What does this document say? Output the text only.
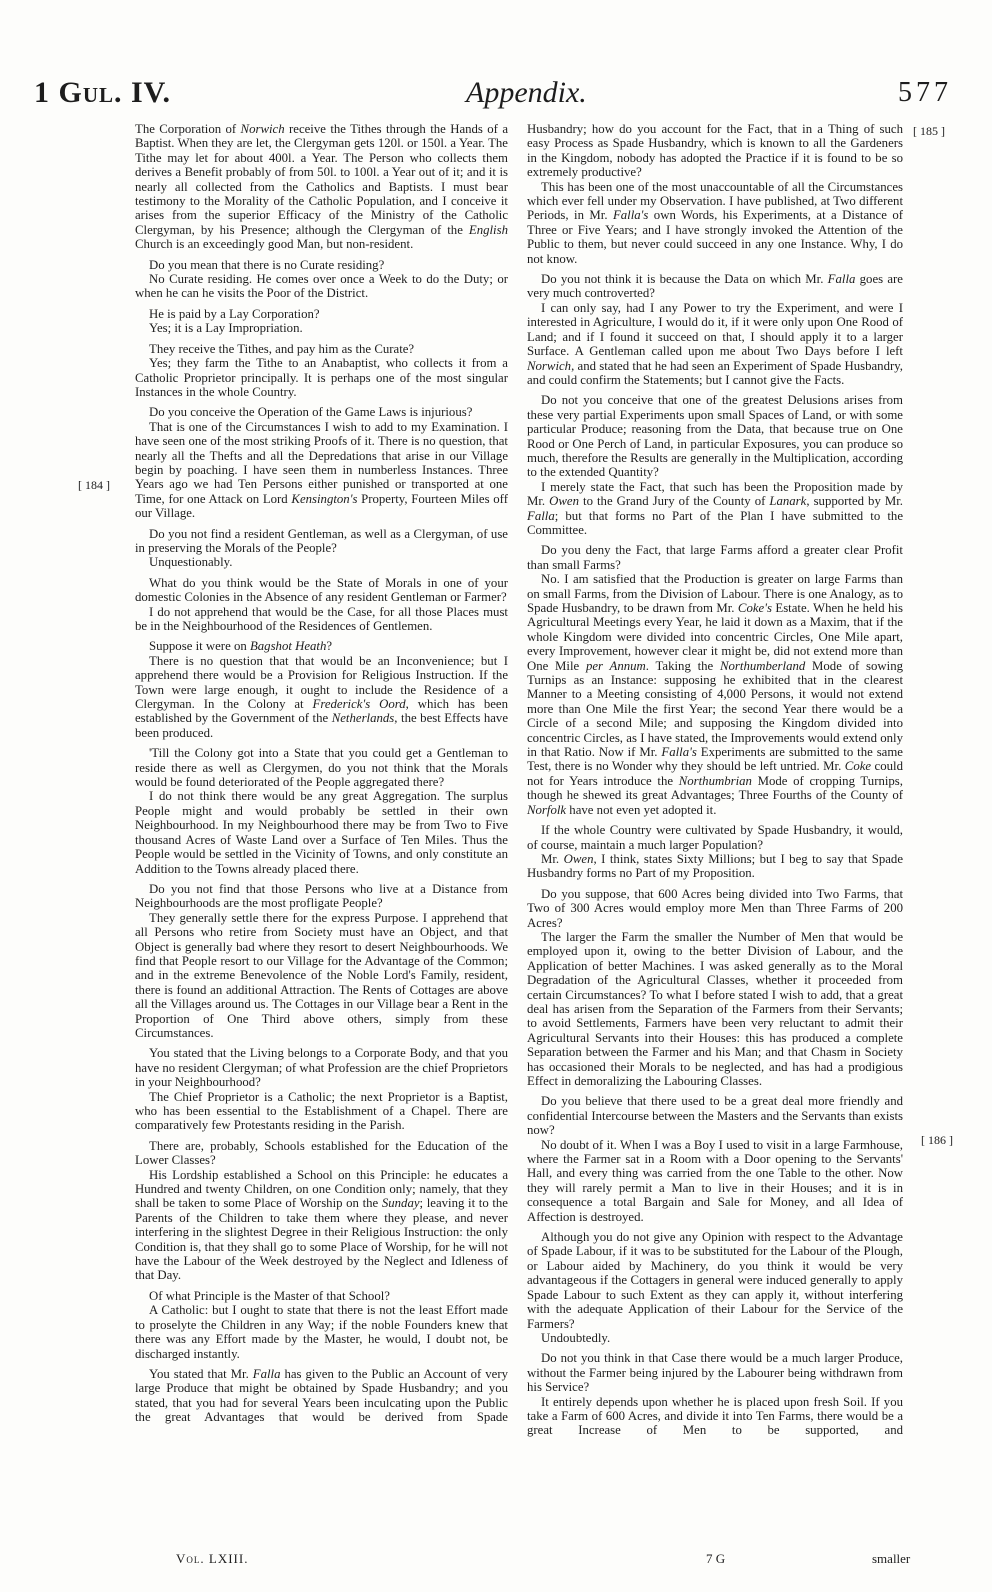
1 Gul. IV.	Appendix.	577
[ 185 ]
[ 184 ]
[ 186 ]

The Corporation of Norwich receive the Tithes through the Hands of a Baptist. When they are let, the Clergyman gets 120l. or 150l. a Year. The Tithe may let for about 400l. a Year. The Person who collects them derives a Benefit probably of from 50l. to 100l. a Year out of it; and it is nearly all collected from the Catholics and Baptists. I must bear testimony to the Morality of the Catholic Population, and I conceive it arises from the superior Efficacy of the Ministry of the Catholic Clergyman, by his Presence; although the Clergyman of the English Church is an exceedingly good Man, but non-resident.

Do you mean that there is no Curate residing?

No Curate residing. He comes over once a Week to do the Duty; or when he can he visits the Poor of the District.

He is paid by a Lay Corporation?

Yes; it is a Lay Impropriation.

They receive the Tithes, and pay him as the Curate?

Yes; they farm the Tithe to an Anabaptist, who collects it from a Catholic Proprietor principally. It is perhaps one of the most singular Instances in the whole Country.

Do you conceive the Operation of the Game Laws is injurious?

That is one of the Circumstances I wish to add to my Examination. I have seen one of the most striking Proofs of it. There is no question, that nearly all the Thefts and all the Depredations that arise in our Village begin by poaching. I have seen them in numberless Instances. Three Years ago we had Ten Persons either punished or transported at one Time, for one Attack on Lord Kensington's Property, Fourteen Miles off our Village.

Do you not find a resident Gentleman, as well as a Clergyman, of use in preserving the Morals of the People?

Unquestionably.

What do you think would be the State of Morals in one of your domestic Colonies in the Absence of any resident Gentleman or Farmer?

I do not apprehend that would be the Case, for all those Places must be in the Neighbourhood of the Residences of Gentlemen.

Suppose it were on Bagshot Heath?

There is no question that that would be an Inconvenience; but I apprehend there would be a Provision for Religious Instruction. If the Town were large enough, it ought to include the Residence of a Clergyman. In the Colony at Frederick's Oord, which has been established by the Government of the Netherlands, the best Effects have been produced.

'Till the Colony got into a State that you could get a Gentleman to reside there as well as Clergymen, do you not think that the Morals would be found deteriorated of the People aggregated there?

I do not think there would be any great Aggregation. The surplus People might and would probably be settled in their own Neighbourhood. In my Neighbourhood there may be from Two to Five thousand Acres of Waste Land over a Surface of Ten Miles. Thus the People would be settled in the Vicinity of Towns, and only constitute an Addition to the Towns already placed there.

Do you not find that those Persons who live at a Distance from Neighbourhoods are the most profligate People?

They generally settle there for the express Purpose. I apprehend that all Persons who retire from Society must have an Object, and that Object is generally bad where they resort to desert Neighbourhoods. We find that People resort to our Village for the Advantage of the Common; and in the extreme Benevolence of the Noble Lord's Family, resident, there is found an additional Attraction. The Rents of Cottages are above all the Villages around us. The Cottages in our Village bear a Rent in the Proportion of One Third above others, simply from these Circumstances.

You stated that the Living belongs to a Corporate Body, and that you have no resident Clergyman; of what Profession are the chief Proprietors in your Neighbourhood?

The Chief Proprietor is a Catholic; the next Proprietor is a Baptist, who has been essential to the Establishment of a Chapel. There are comparatively few Protestants residing in the Parish.

There are, probably, Schools established for the Education of the Lower Classes?

His Lordship established a School on this Principle: he educates a Hundred and twenty Children, on one Condition only; namely, that they shall be taken to some Place of Worship on the Sunday; leaving it to the Parents of the Children to take them where they please, and never interfering in the slightest Degree in their Religious Instruction: the only Condition is, that they shall go to some Place of Worship, for he will not have the Labour of the Week destroyed by the Neglect and Idleness of that Day.

Of what Principle is the Master of that School?

A Catholic: but I ought to state that there is not the least Effort made to proselyte the Children in any Way; if the noble Founders knew that there was any Effort made by the Master, he would, I doubt not, be discharged instantly.

You stated that Mr. Falla has given to the Public an Account of very large Produce that might be obtained by Spade Husbandry; and you stated, that you had for several Years been inculcating upon the Public the great Advantages that would be derived from Spade

Husbandry; how do you account for the Fact, that in a Thing of such easy Process as Spade Husbandry, which is known to all the Gardeners in the Kingdom, nobody has adopted the Practice if it is found to be so extremely productive?

This has been one of the most unaccountable of all the Circumstances which ever fell under my Observation. I have published, at Two different Periods, in Mr. Falla's own Words, his Experiments, at a Distance of Three or Five Years; and I have strongly invoked the Attention of the Public to them, but never could succeed in any one Instance. Why, I do not know.

Do you not think it is because the Data on which Mr. Falla goes are very much controverted?

I can only say, had I any Power to try the Experiment, and were I interested in Agriculture, I would do it, if it were only upon One Rood of Land; and if I found it succeed on that, I should apply it to a larger Surface. A Gentleman called upon me about Two Days before I left Norwich, and stated that he had seen an Experiment of Spade Husbandry, and could confirm the Statements; but I cannot give the Facts.

Do not you conceive that one of the greatest Delusions arises from these very partial Experiments upon small Spaces of Land, or with some particular Produce; reasoning from the Data, that because true on One Rood or One Perch of Land, in particular Exposures, you can produce so much, therefore the Results are generally in the Multiplication, according to the extended Quantity?

I merely state the Fact, that such has been the Proposition made by Mr. Owen to the Grand Jury of the County of Lanark, supported by Mr. Falla; but that forms no Part of the Plan I have submitted to the Committee.

Do you deny the Fact, that large Farms afford a greater clear Profit than small Farms?

No. I am satisfied that the Production is greater on large Farms than on small Farms, from the Division of Labour. There is one Analogy, as to Spade Husbandry, to be drawn from Mr. Coke's Estate. When he held his Agricultural Meetings every Year, he laid it down as a Maxim, that if the whole Kingdom were divided into concentric Circles, One Mile apart, every Improvement, however clear it might be, did not extend more than One Mile per Annum. Taking the Northumberland Mode of sowing Turnips as an Instance: supposing he exhibited that in the clearest Manner to a Meeting consisting of 4,000 Persons, it would not extend more than One Mile the first Year; the second Year there would be a Circle of a second Mile; and supposing the Kingdom divided into concentric Circles, as I have stated, the Improvements would extend only in that Ratio. Now if Mr. Falla's Experiments are submitted to the same Test, there is no Wonder why they should be left untried. Mr. Coke could not for Years introduce the Northumbrian Mode of cropping Turnips, though he shewed its great Advantages; Three Fourths of the County of Norfolk have not even yet adopted it.

If the whole Country were cultivated by Spade Husbandry, it would, of course, maintain a much larger Population?

Mr. Owen, I think, states Sixty Millions; but I beg to say that Spade Husbandry forms no Part of my Proposition.

Do you suppose, that 600 Acres being divided into Two Farms, that Two of 300 Acres would employ more Men than Three Farms of 200 Acres?

The larger the Farm the smaller the Number of Men that would be employed upon it, owing to the better Division of Labour, and the Application of better Machines. I was asked generally as to the Moral Degradation of the Agricultural Classes, whether it proceeded from certain Circumstances? To what I before stated I wish to add, that a great deal has arisen from the Separation of the Farmers from their Servants; to avoid Settlements, Farmers have been very reluctant to admit their Agricultural Servants into their Houses: this has produced a complete Separation between the Farmer and his Man; and that Chasm in Society has occasioned their Morals to be neglected, and has had a prodigious Effect in demoralizing the Labouring Classes.

Do you believe that there used to be a great deal more friendly and confidential Intercourse between the Masters and the Servants than exists now?

No doubt of it. When I was a Boy I used to visit in a large Farmhouse, where the Farmer sat in a Room with a Door opening to the Servants' Hall, and every thing was carried from the one Table to the other. Now they will rarely permit a Man to live in their Houses; and it is in consequence a total Bargain and Sale for Money, and all Idea of Affection is destroyed.

Although you do not give any Opinion with respect to the Advantage of Spade Labour, if it was to be substituted for the Labour of the Plough, or Labour aided by Machinery, do you think it would be very advantageous if the Cottagers in general were induced generally to apply Spade Labour to such Extent as they can apply it, without interfering with the adequate Application of their Labour for the Service of the Farmers?

Undoubtedly.

Do not you think in that Case there would be a much larger Produce, without the Farmer being injured by the Labourer being withdrawn from his Service?

It entirely depends upon whether he is placed upon fresh Soil. If you take a Farm of 600 Acres, and divide it into Ten Farms, there would be a great Increase of Men to be supported, and

Vol. LXIII.	7 G	smaller
